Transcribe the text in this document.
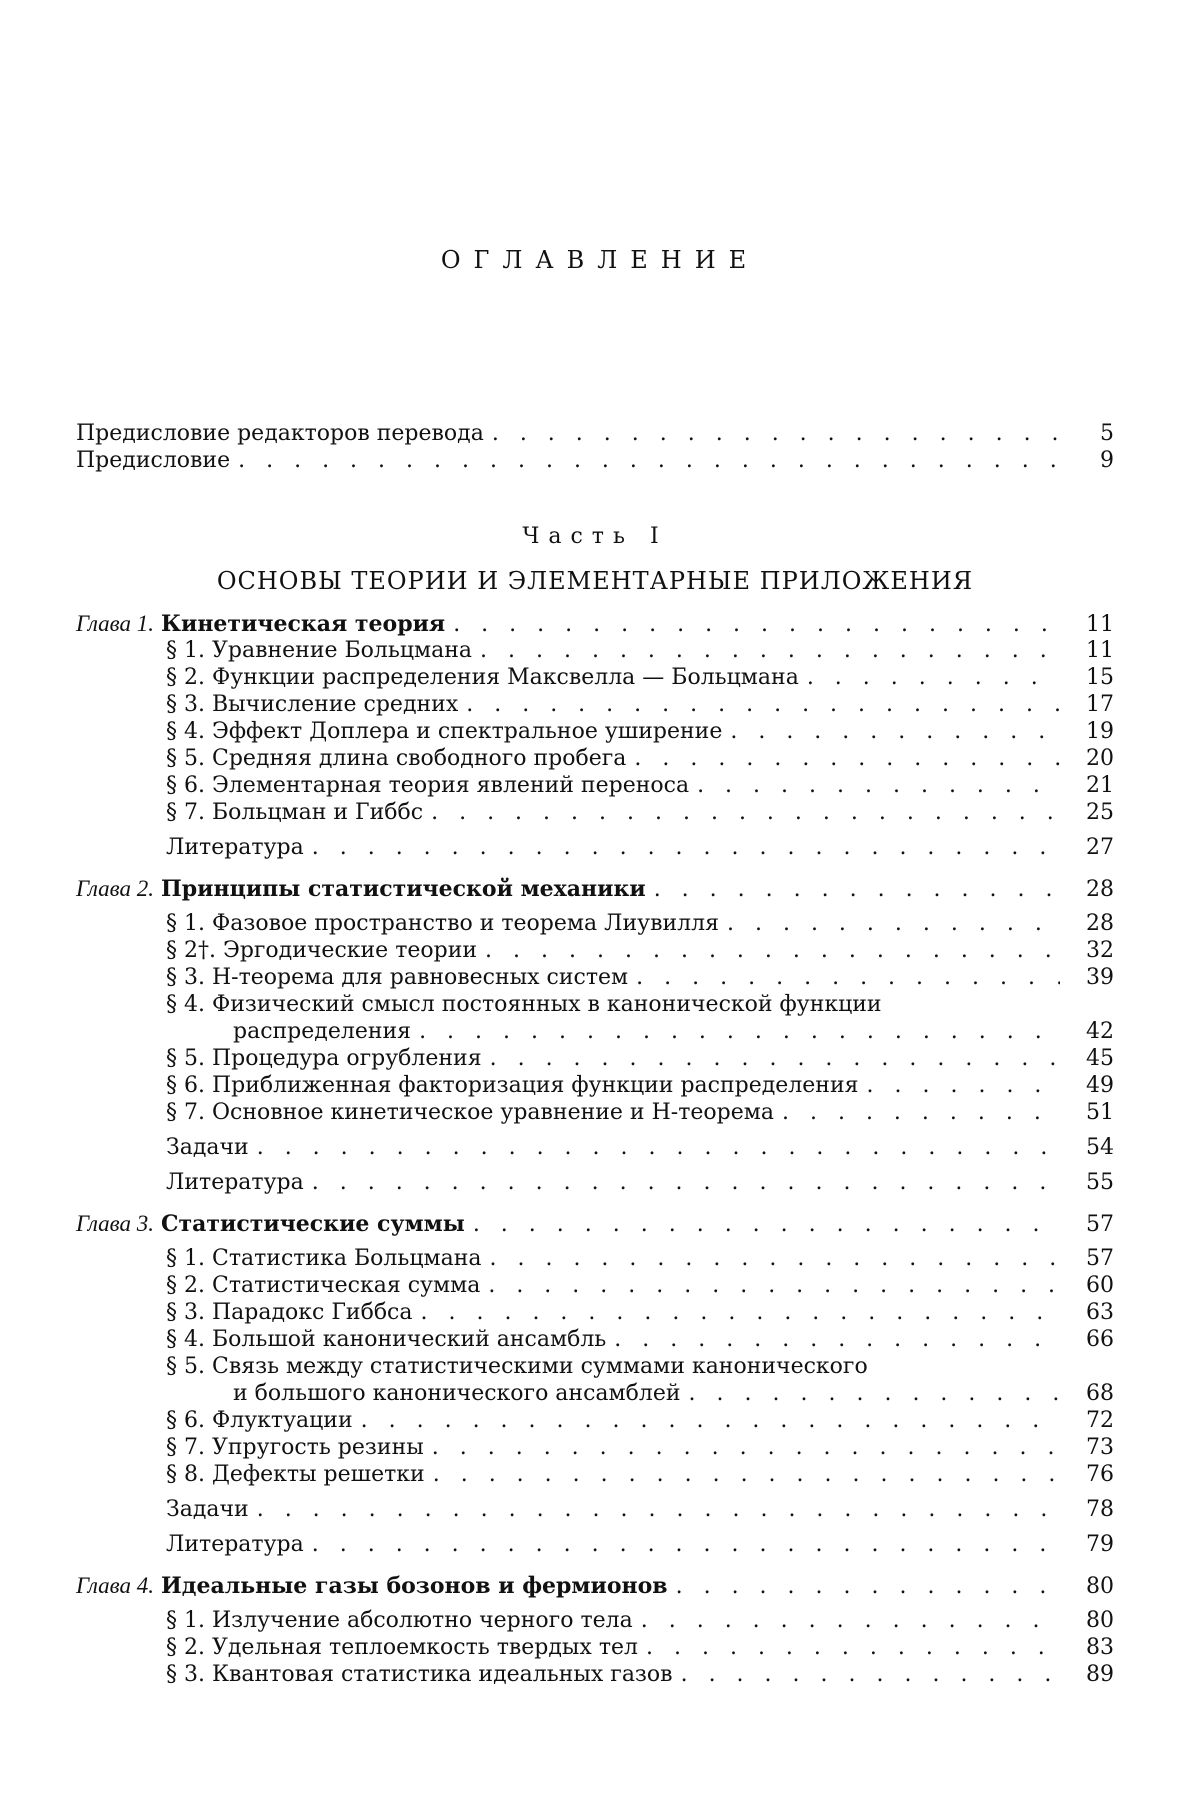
ОГЛАВЛЕНИЕ
Предисловие редакторов перевода . . .	5
Предисловие . . .	9
Часть I
ОСНОВЫ ТЕОРИИ И ЭЛЕМЕНТАРНЫЕ ПРИЛОЖЕНИЯ
Глава 1. Кинетическая теория . . .	11
§ 1. Уравнение Больцмана . . .	11
§ 2. Функции распределения Максвелла — Больцмана . . .	15
§ 3. Вычисление средних . . .	17
§ 4. Эффект Доплера и спектральное уширение . . .	19
§ 5. Средняя длина свободного пробега . . .	20
§ 6. Элементарная теория явлений переноса . . .	21
§ 7. Больцман и Гиббс . . .	25
Литература . . .	27
Глава 2. Принципы статистической механики . . .	28
§ 1. Фазовое пространство и теорема Лиувилля . . .	28
§ 2†. Эргодические теории . . .	32
§ 3. H-теорема для равновесных систем . . .	39
§ 4. Физический смысл постоянных в канонической функции
распределения . . .	42
§ 5. Процедура огрубления . . .	45
§ 6. Приближенная факторизация функции распределения . . .	49
§ 7. Основное кинетическое уравнение и H-теорема . . .	51
Задачи . . .	54
Литература . . .	55
Глава 3. Статистические суммы . . .	57
§ 1. Статистика Больцмана . . .	57
§ 2. Статистическая сумма . . .	60
§ 3. Парадокс Гиббса . . .	63
§ 4. Большой канонический ансамбль . . .	66
§ 5. Связь между статистическими суммами канонического
и большого канонического ансамблей . . .	68
§ 6. Флуктуации . . .	72
§ 7. Упругость резины . . .	73
§ 8. Дефекты решетки . . .	76
Задачи . . .	78
Литература . . .	79
Глава 4. Идеальные газы бозонов и фермионов . . .	80
§ 1. Излучение абсолютно черного тела . . .	80
§ 2. Удельная теплоемкость твердых тел . . .	83
§ 3. Квантовая статистика идеальных газов . . .	89
